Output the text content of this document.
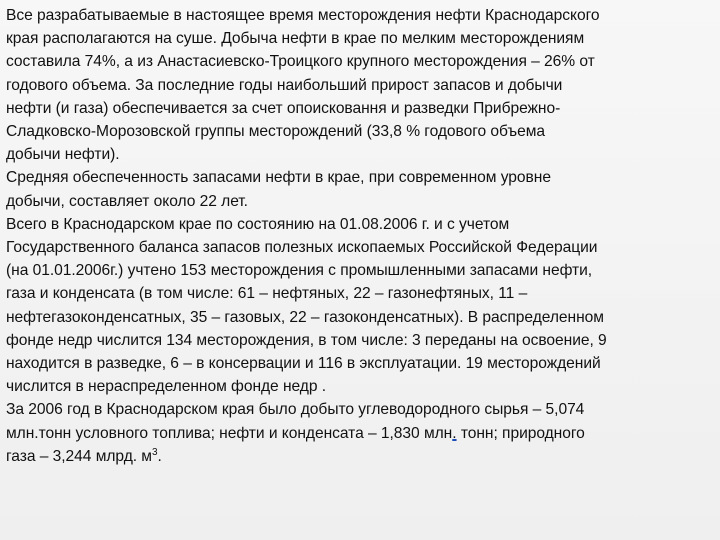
Все разрабатываемые в настоящее время месторождения нефти Краснодарского
края располагаются на суше. Добыча нефти в крае по мелким месторождениям
составила 74%, а из Анастасиевско-Троицкого крупного месторождения – 26% от
годового объема. За последние годы наибольший прирост запасов и добычи
нефти (и газа) обеспечивается за счет опоисковання и разведки Прибрежно-
Сладковско-Морозовской группы месторождений (33,8 % годового объема
добычи нефти).
Средняя обеспеченность запасами нефти в крае, при современном уровне
добычи, составляет около 22 лет.
Всего в Краснодарском крае по состоянию на 01.08.2006 г. и с учетом
Государственного баланса запасов полезных ископаемых Российской Федерации
(на 01.01.2006г.) учтено 153 месторождения с промышленными запасами нефти,
газа и конденсата (в том числе: 61 – нефтяных, 22 – газонефтяных, 11 –
нефтегазоконденсатных, 35 – газовых, 22 – газоконденсатных). В распределенном
фонде недр числится 134 месторождения, в том числе: 3 переданы на освоение, 9
находится в разведке, 6 – в консервации и 116 в эксплуатации. 19 месторождений
числится в нераспределенном фонде недр .
За 2006 год в Краснодарском края было добыто углеводородного сырья – 5,074
млн.тонн условного топлива; нефти и конденсата – 1,830 млн. тонн; природного
газа – 3,244 млрд. $м^3$.
